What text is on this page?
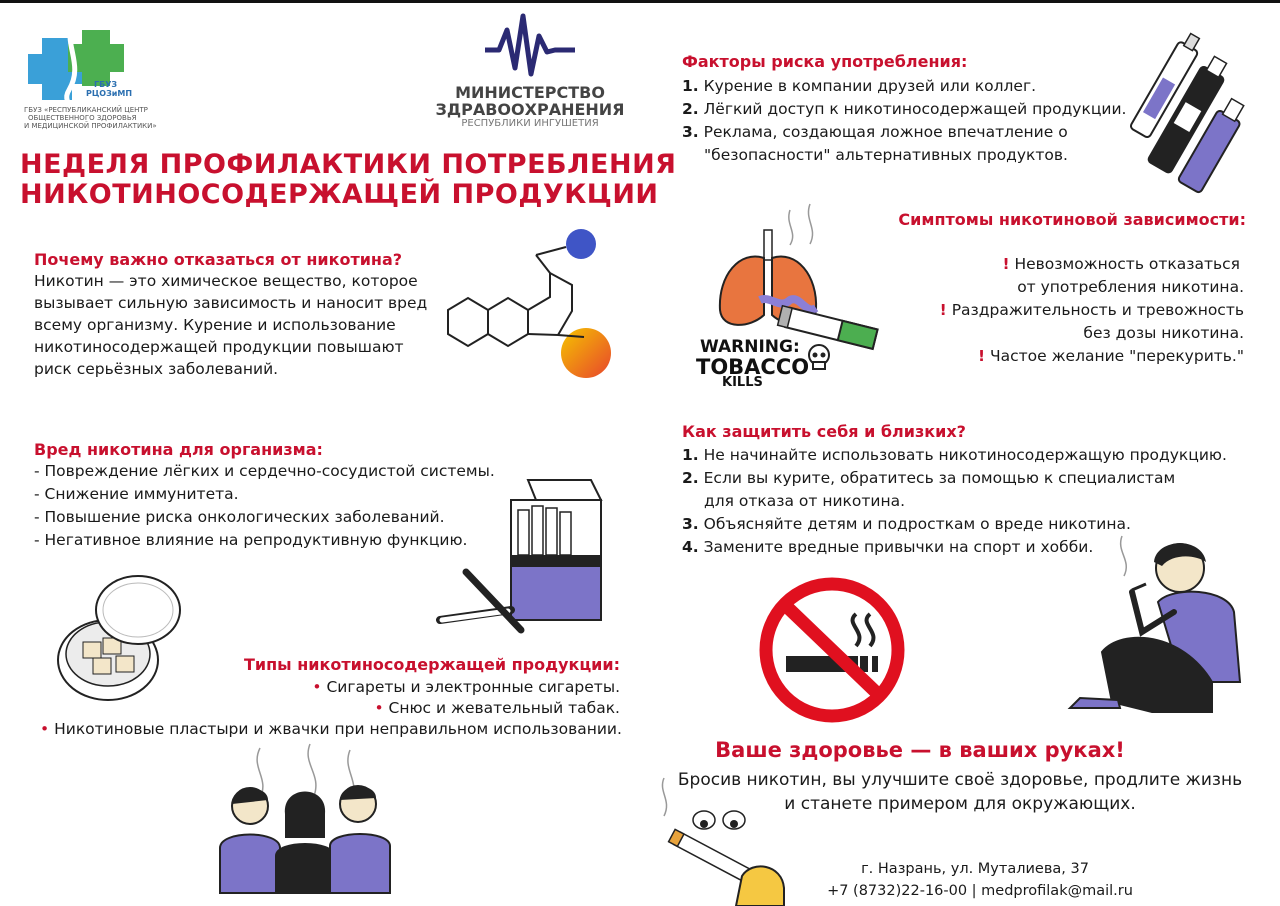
ГБУЗ
РЦОЗиМП
ГБУЗ «РЕСПУБЛИКАНСКИЙ ЦЕНТР
ОБЩЕСТВЕННОГО ЗДОРОВЬЯ
И МЕДИЦИНСКОЙ ПРОФИЛАКТИКИ»
МИНИСТЕРСТВО
ЗДРАВООХРАНЕНИЯ
РЕСПУБЛИКИ ИНГУШЕТИЯ
НЕДЕЛЯ ПРОФИЛАКТИКИ ПОТРЕБЛЕНИЯ
НИКОТИНОСОДЕРЖАЩЕЙ ПРОДУКЦИИ
Почему важно отказаться от никотина?
Никотин — это химическое вещество, которое
вызывает сильную зависимость и наносит вред
всему организму. Курение и использование
никотиносодержащей продукции повышают
риск серьёзных заболеваний.
Вред никотина для организма:
- Повреждение лёгких и сердечно-сосудистой системы.
- Снижение иммунитета.
- Повышение риска онкологических заболеваний.
- Негативное влияние на репродуктивную функцию.
Типы никотиносодержащей продукции:
• Сигареты и электронные сигареты.
• Снюс и жевательный табак.
• Никотиновые пластыри и жвачки при неправильном использовании.
Факторы риска употребления:
1. Курение в компании друзей или коллег.
2. Лёгкий доступ к никотиносодержащей продукции.
3. Реклама, создающая ложное впечатление о
"безопасности" альтернативных продуктов.
Симптомы никотиновой зависимости:
! Невозможность отказаться
от употребления никотина.
! Раздражительность и тревожность
без дозы никотина.
! Частое желание "перекурить."
WARNING:
TOBACCO
KILLS
Как защитить себя и близких?
1. Не начинайте использовать никотиносодержащую продукцию.
2. Если вы курите, обратитесь за помощью к специалистам
для отказа от никотина.
3. Объясняйте детям и подросткам о вреде никотина.
4. Замените вредные привычки на спорт и хобби.
Ваше здоровье — в ваших руках!
Бросив никотин, вы улучшите своё здоровье, продлите жизнь
и станете примером для окружающих.
г. Назрань, ул. Муталиева, 37
+7 (8732)22-16-00 | medprofilak@mail.ru
